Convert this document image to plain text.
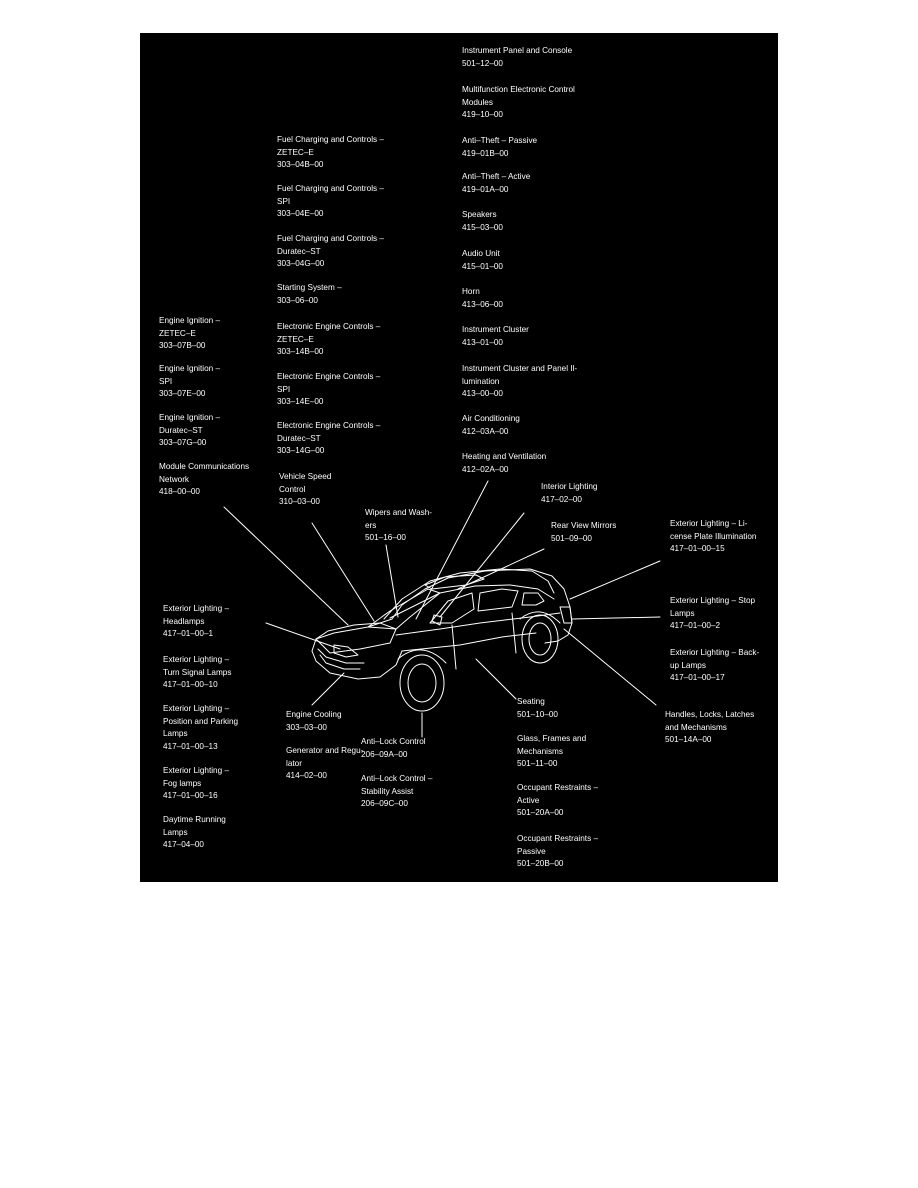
Instrument Panel and Console
501–12–00
Multifunction Electronic Control
Modules
419–10–00
Anti–Theft – Passive
419–01B–00
Anti–Theft – Active
419–01A–00
Speakers
415–03–00
Audio Unit
415–01–00
Horn
413–06–00
Instrument Cluster
413–01–00
Instrument Cluster and Panel Il-
lumination
413–00–00
Air Conditioning
412–03A–00
Heating and Ventilation
412–02A–00
Fuel Charging and Controls –
ZETEC–E
303–04B–00
Fuel Charging and Controls –
SPI
303–04E–00
Fuel Charging and Controls –
Duratec–ST
303–04G–00
Starting System –
303–06–00
Electronic Engine Controls –
ZETEC–E
303–14B–00
Electronic Engine Controls –
SPI
303–14E–00
Electronic Engine Controls –
Duratec–ST
303–14G–00
Vehicle Speed
Control
310–03–00
Engine Ignition –
ZETEC–E
303–07B–00
Engine Ignition –
SPI
303–07E–00
Engine Ignition –
Duratec–ST
303–07G–00
Module Communications
Network
418–00–00
Wipers and Wash-
ers
501–16–00
Interior Lighting
417–02–00
Rear View Mirrors
501–09–00
Exterior Lighting – Li-
cense Plate Illumination
417–01–00–15
Exterior Lighting – Stop
Lamps
417–01–00–2
Exterior Lighting – Back-
up Lamps
417–01–00–17
Handles, Locks, Latches
and Mechanisms
501–14A–00
Exterior Lighting –
Headlamps
417–01–00–1
Exterior Lighting –
Turn Signal Lamps
417–01–00–10
Exterior Lighting –
Position and Parking
Lamps
417–01–00–13
Exterior Lighting –
Fog lamps
417–01–00–16
Daytime Running
Lamps
417–04–00
Engine Cooling
303–03–00
Generator and Regu-
lator
414–02–00
Anti–Lock Control
206–09A–00
Anti–Lock Control –
Stability Assist
206–09C–00
Seating
501–10–00
Glass, Frames and
Mechanisms
501–11–00
Occupant Restraints –
Active
501–20A–00
Occupant Restraints –
Passive
501–20B–00
